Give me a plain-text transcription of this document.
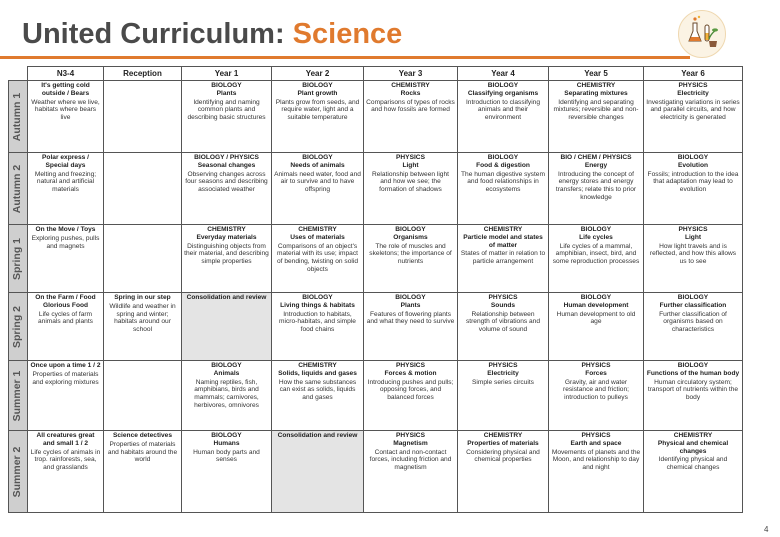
United Curriculum: Science
	N3-4	Reception	Year 1	Year 2	Year 3	Year 4	Year 5	Year 6

Autumn 1	It's getting cold outside / Bears
Weather where we live, habitats where bears live		BIOLOGY
Plants
Identifying and naming common plants and describing basic structures	BIOLOGY
Plant growth
Plants grow from seeds, and require water, light and a suitable temperature	CHEMISTRY
Rocks
Comparisons of types of rocks and how fossils are formed	BIOLOGY
Classifying organisms
Introduction to classifying animals and their environment	CHEMISTRY
Separating mixtures
Identifying and separating mixtures; reversible and non-reversible changes	PHYSICS
Electricity
Investigating variations in series and parallel circuits, and how electricity is generated

Autumn 2	Polar express / Special days
Melting and freezing; natural and artificial materials		BIOLOGY / PHYSICS
Seasonal changes
Observing changes across four seasons and describing associated weather	BIOLOGY
Needs of animals
Animals need water, food and air to survive and to have offspring	PHYSICS
Light
Relationship between light and how we see; the formation of shadows	BIOLOGY
Food & digestion
The human digestive system and food relationships in ecosystems	BIO / CHEM / PHYSICS
Energy
Introducing the concept of energy stores and energy transfers; relate this to prior knowledge	BIOLOGY
Evolution
Fossils; introduction to the idea that adaptation may lead to evolution

Spring 1	On the Move / Toys
Exploring pushes, pulls and magnets		CHEMISTRY
Everyday materials
Distinguishing objects from their material, and describing simple properties	CHEMISTRY
Uses of materials
Comparisons of an object's material with its use; impact of bending, twisting on solid objects	BIOLOGY
Organisms
The role of muscles and skeletons; the importance of nutrients	CHEMISTRY
Particle model and states of matter
States of matter in relation to particle arrangement	BIOLOGY
Life cycles
Life cycles of a mammal, amphibian, insect, bird, and some reproduction processes	PHYSICS
Light
How light travels and is reflected, and how this allows us to see

Spring 2	On the Farm / Food Glorious Food
Life cycles of farm animals and plants	Spring in our step
Wildlife and weather in spring and winter; habitats around our school	Consolidation and review	BIOLOGY
Living things & habitats
Introduction to habitats, micro-habitats, and simple food chains	BIOLOGY
Plants
Features of flowering plants and what they need to survive	PHYSICS
Sounds
Relationship between strength of vibrations and volume of sound	BIOLOGY
Human development
Human development to old age	BIOLOGY
Further classification
Further classification of organisms based on characteristics

Summer 1	Once upon a time 1 / 2
Properties of materials and exploring mixtures		BIOLOGY
Animals
Naming reptiles, fish, amphibians, birds and mammals; carnivores, herbivores, omnivores	CHEMISTRY
Solids, liquids and gases
How the same substances can exist as solids, liquids and gases	PHYSICS
Forces & motion
Introducing pushes and pulls; opposing forces, and balanced forces	PHYSICS
Electricity
Simple series circuits	PHYSICS
Forces
Gravity, air and water resistance and friction; introduction to pulleys	BIOLOGY
Functions of the human body
Human circulatory system; transport of nutrients within the body

Summer 2	All creatures great and small 1 / 2
Life cycles of animals in trop. rainforests, sea, and grasslands	Science detectives
Properties of materials and habitats around the world	BIOLOGY
Humans
Human body parts and senses	Consolidation and review	PHYSICS
Magnetism
Contact and non-contact forces, including friction and magnetism	CHEMISTRY
Properties of materials
Considering physical and chemical properties	PHYSICS
Earth and space
Movements of planets and the Moon, and relationship to day and night	CHEMISTRY
Physical and chemical changes
Identifying physical and chemical changes
4
